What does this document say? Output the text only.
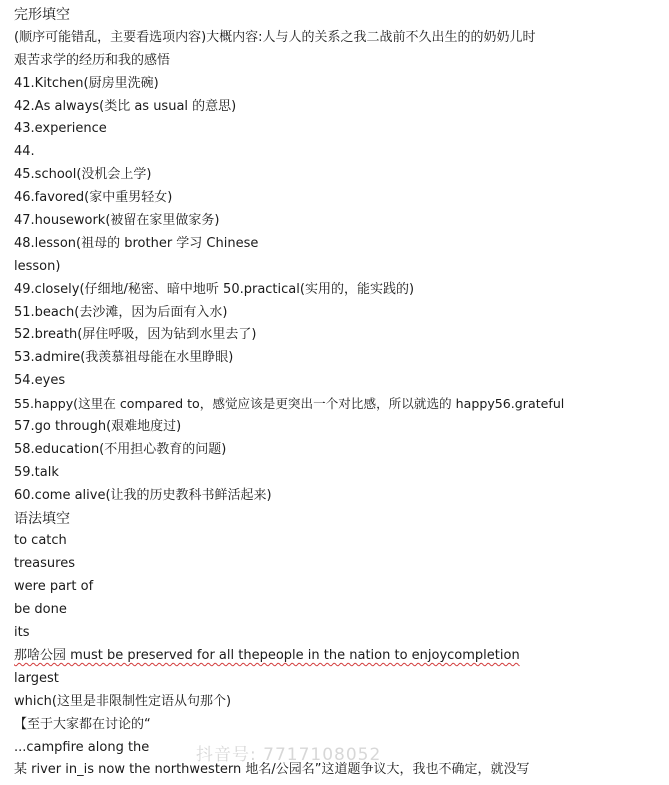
完形填空
(顺序可能错乱，主要看选项内容)大概内容:人与人的关系之我二战前不久出生的的奶奶儿时
艰苦求学的经历和我的感悟
41.Kitchen(厨房里洗碗)
42.As always(类比 as usual 的意思)
43.experience
44.
45.school(没机会上学)
46.favored(家中重男轻女)
47.housework(被留在家里做家务)
48.lesson(祖母的 brother 学习 Chinese
lesson)
49.closely(仔细地/秘密、暗中地听 50.practical(实用的，能实践的)
51.beach(去沙滩，因为后面有入水)
52.breath(屏住呼吸，因为钻到水里去了)
53.admire(我羡慕祖母能在水里睁眼)
54.eyes
55.happy(这里在 compared to，感觉应该是更突出一个对比感，所以就选的 happy56.grateful
57.go through(艰难地度过)
58.education(不用担心教育的问题)
59.talk
60.come alive(让我的历史教科书鲜活起来)
语法填空
to catch
treasures
were part of
be done
its
那啥公园 must be preserved for all thepeople in the nation to enjoycompletion
largest
which(这里是非限制性定语从句那个)
【至于大家都在讨论的“
...campfire along the
某 river in_is now the northwestern 地名/公园名”这道题争议大，我也不确定，就没写
抖音号: 7717108052
